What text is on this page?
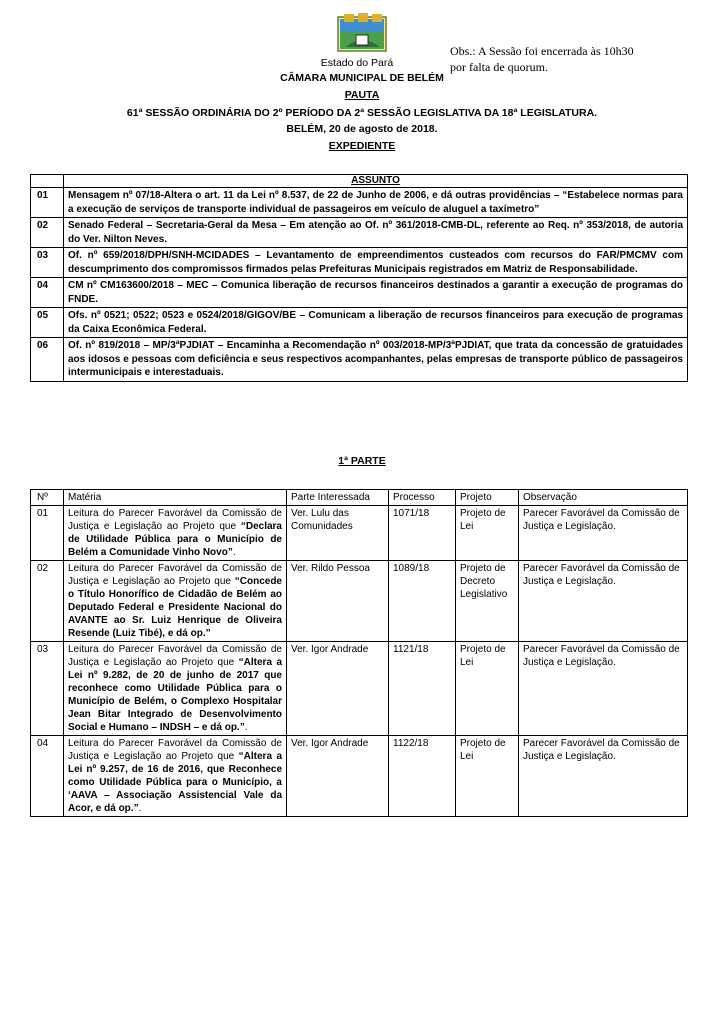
Obs.: A Sessão foi encerrada às 10h30
por falta de quorum.
Estado do Pará
CÂMARA MUNICIPAL DE BELÉM
PAUTA
61ª SESSÃO ORDINÁRIA DO 2º PERÍODO DA 2ª SESSÃO LEGISLATIVA DA 18ª LEGISLATURA.
BELÉM, 20 de agosto de 2018.
EXPEDIENTE
	ASSUNTO
01	Mensagem nº 07/18-Altera o art. 11 da Lei nº 8.537, de 22 de Junho de 2006, e dá outras providências – “Estabelece normas para a execução de serviços de transporte individual de passageiros em veículo de aluguel a taxímetro”
02	Senado Federal – Secretaria-Geral da Mesa – Em atenção ao Of. nº 361/2018-CMB-DL, referente ao Req. nº 353/2018, de autoria do Ver. Nilton Neves.
03	Of. nº 659/2018/DPH/SNH-MCIDADES – Levantamento de empreendimentos custeados com recursos do FAR/PMCMV com descumprimento dos compromissos firmados pelas Prefeituras Municipais registrados em Matriz de Responsabilidade.
04	CM nº CM163600/2018 – MEC – Comunica liberação de recursos financeiros destinados a garantir a execução de programas do FNDE.
05	Ofs. nº 0521; 0522; 0523 e 0524/2018/GIGOV/BE – Comunicam a liberação de recursos financeiros para execução de programas da Caixa Econômica Federal.
06	Of. nº 819/2018 – MP/3ªPJDIAT – Encaminha a Recomendação nº 003/2018-MP/3ªPJDIAT, que trata da concessão de gratuidades aos idosos e pessoas com deficiência e seus respectivos acompanhantes, pelas empresas de transporte público de passageiros intermunicipais e interestaduais.
1ª PARTE
Nº	Matéria	Parte Interessada	Processo	Projeto	Observação
01	Leitura do Parecer Favorável da Comissão de Justiça e Legislação ao Projeto que “Declara de Utilidade Pública para o Município de Belém a Comunidade Vinho Novo”.	Ver. Lulu das Comunidades	1071/18	Projeto de Lei	Parecer Favorável da Comissão de Justiça e Legislação.
02	Leitura do Parecer Favorável da Comissão de Justiça e Legislação ao Projeto que “Concede o Título Honorífico de Cidadão de Belém ao Deputado Federal e Presidente Nacional do AVANTE ao Sr. Luiz Henrique de Oliveira Resende (Luiz Tibé), e dá op.”	Ver. Rildo Pessoa	1089/18	Projeto de Decreto Legislativo	Parecer Favorável da Comissão de Justiça e Legislação.
03	Leitura do Parecer Favorável da Comissão de Justiça e Legislação ao Projeto que “Altera a Lei nº 9.282, de 20 de junho de 2017 que reconhece como Utilidade Pública para o Município de Belém, o Complexo Hospitalar Jean Bitar Integrado de Desenvolvimento Social e Humano – INDSH – e dá op.”.	Ver. Igor Andrade	1121/18	Projeto de Lei	Parecer Favorável da Comissão de Justiça e Legislação.
04	Leitura do Parecer Favorável da Comissão de Justiça e Legislação ao Projeto que “Altera a Lei nº 9.257, de 16 de 2016, que Reconhece como Utilidade Pública para o Município, a ‘AAVA – Associação Assistencial Vale da Acor, e dá op.”.	Ver. Igor Andrade	1122/18	Projeto de Lei	Parecer Favorável da Comissão de Justiça e Legislação.
